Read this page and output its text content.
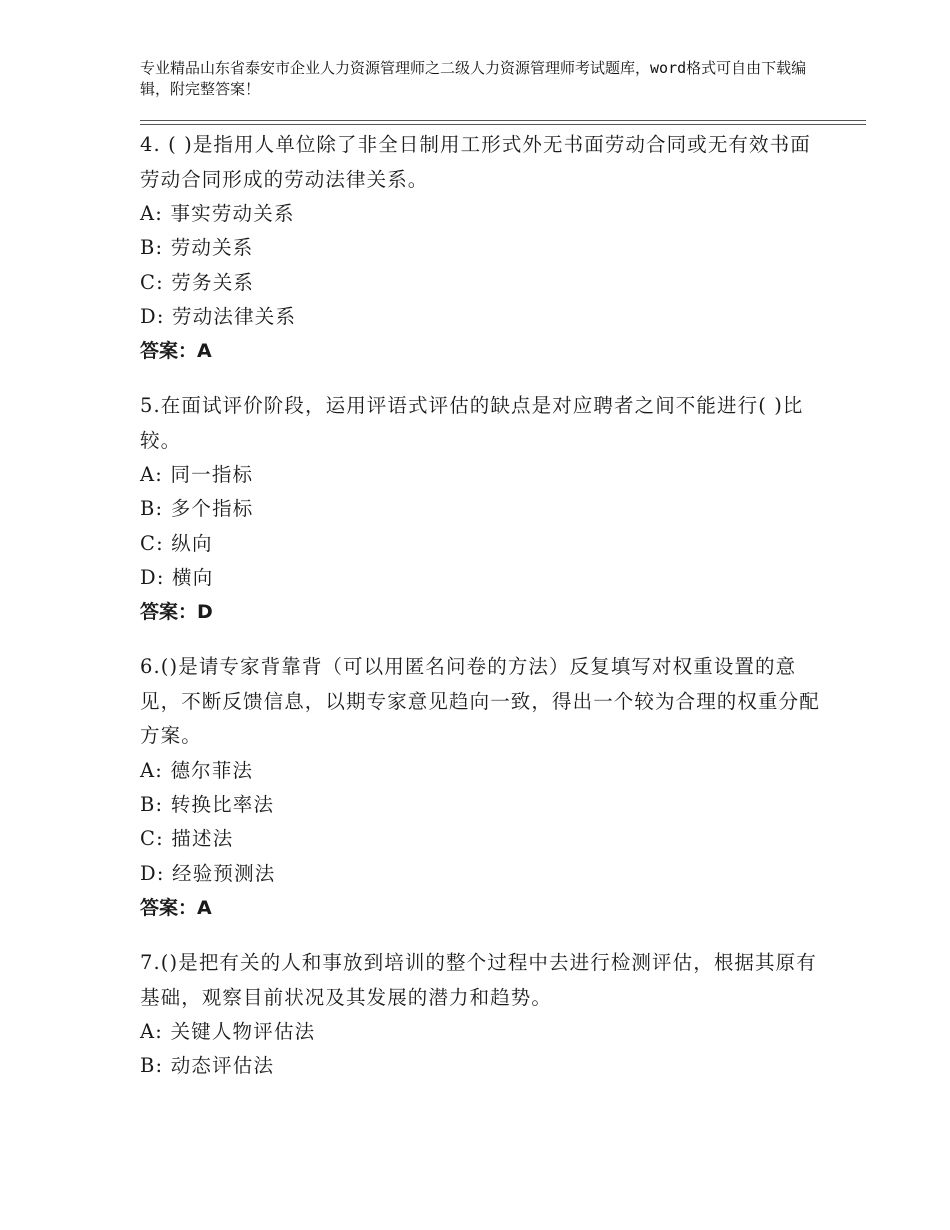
专业精品山东省泰安市企业人力资源管理师之二级人力资源管理师考试题库，word格式可自由下载编辑，附完整答案！

4. ( )是指用人单位除了非全日制用工形式外无书面劳动合同或无有效书面劳动合同形成的劳动法律关系。

A: 事实劳动关系

B: 劳动关系

C: 劳务关系

D: 劳动法律关系

答案：A

5.在面试评价阶段，运用评语式评估的缺点是对应聘者之间不能进行( )比较。

A: 同一指标

B: 多个指标

C: 纵向

D: 横向

答案：D

6.()是请专家背靠背（可以用匿名问卷的方法）反复填写对权重设置的意见，不断反馈信息，以期专家意见趋向一致，得出一个较为合理的权重分配方案。

A: 德尔菲法

B: 转换比率法

C: 描述法

D: 经验预测法

答案：A

7.()是把有关的人和事放到培训的整个过程中去进行检测评估，根据其原有基础，观察目前状况及其发展的潜力和趋势。

A: 关键人物评估法

B: 动态评估法
